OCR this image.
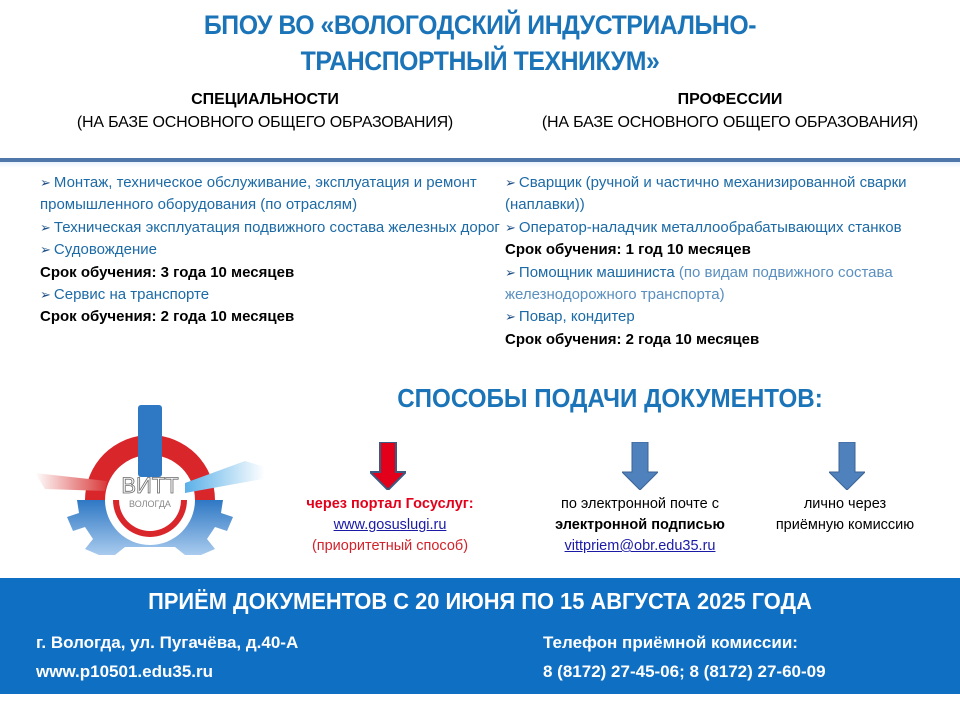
БПОУ ВО «ВОЛОГОДСКИЙ ИНДУСТРИАЛЬНО-
ТРАНСПОРТНЫЙ ТЕХНИКУМ»
СПЕЦИАЛЬНОСТИ
(НА БАЗЕ ОСНОВНОГО ОБЩЕГО ОБРАЗОВАНИЯ)
ПРОФЕССИИ
(НА БАЗЕ ОСНОВНОГО ОБЩЕГО ОБРАЗОВАНИЯ)
➢ Монтаж, техническое обслуживание, эксплуатация и ремонт промышленного оборудования (по отраслям)
➢ Техническая эксплуатация подвижного состава железных дорог
➢ Судовождение
Срок обучения: 3 года 10 месяцев
➢ Сервис на транспорте
Срок обучения: 2 года 10 месяцев
➢ Сварщик (ручной и частично механизированной сварки (наплавки))
➢ Оператор-наладчик металлообрабатывающих станков
Срок обучения: 1 год 10 месяцев
➢ Помощник машиниста (по видам подвижного состава железнодорожного транспорта)
➢ Повар, кондитер
Срок обучения: 2 года 10 месяцев
ВИТТ
ВОЛОГДА
СПОСОБЫ ПОДАЧИ ДОКУМЕНТОВ:
через портал Госуслуг:
www.gosuslugi.ru
(приоритетный способ)
по электронной почте с
электронной подписью
vittpriem@obr.edu35.ru
лично через
приёмную комиссию
ПРИЁМ ДОКУМЕНТОВ С 20 ИЮНЯ ПО 15 АВГУСТА 2025 ГОДА
г. Вологда, ул. Пугачёва, д.40-А
www.p10501.edu35.ru
Телефон приёмной комиссии:
8 (8172) 27-45-06; 8 (8172) 27-60-09
